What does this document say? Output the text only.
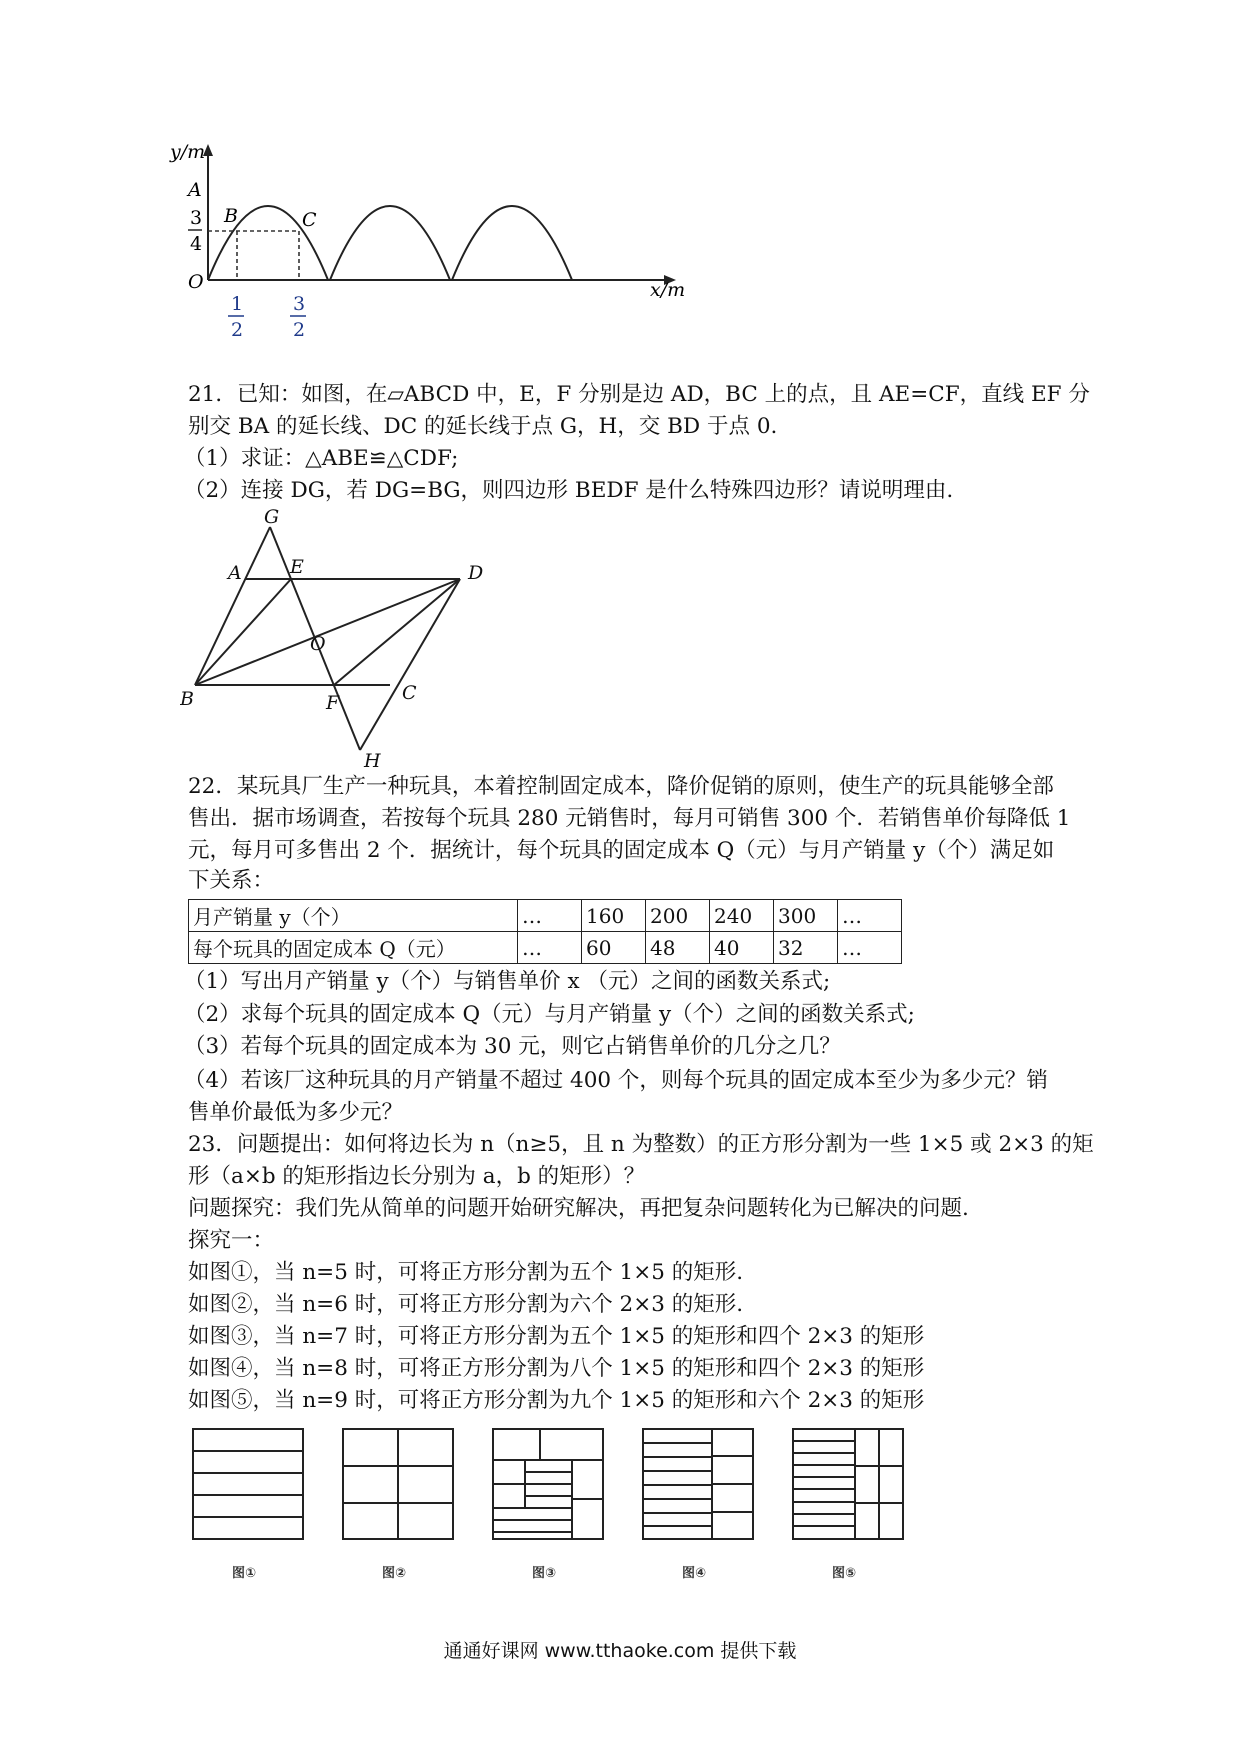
y/m
x/m
A
B	C
O
3
4
1
2
3
2
21．已知：如图，在▱ABCD 中，E，F 分别是边 AD，BC 上的点，且 AE=CF，直线 EF 分
别交 BA 的延长线、DC 的延长线于点 G，H，交 BD 于点 0.
（1）求证：△ABE≌△CDF;
（2）连接 DG，若 DG=BG，则四边形 BEDF 是什么特殊四边形？请说明理由.
G
A	E	D
O
B	F	C
H
22．某玩具厂生产一种玩具，本着控制固定成本，降价促销的原则，使生产的玩具能够全部
售出．据市场调查，若按每个玩具 280 元销售时，每月可销售 300 个．若销售单价每降低 1
元，每月可多售出 2 个．据统计，每个玩具的固定成本 Q（元）与月产销量 y（个）满足如
下关系：
月产销量 y（个）	…	160	200	240	300	…
每个玩具的固定成本 Q（元）	…	60	48	40	32	…
（1）写出月产销量 y（个）与销售单价 x （元）之间的函数关系式;
（2）求每个玩具的固定成本 Q（元）与月产销量 y（个）之间的函数关系式;
（3）若每个玩具的固定成本为 30 元，则它占销售单价的几分之几？
（4）若该厂这种玩具的月产销量不超过 400 个，则每个玩具的固定成本至少为多少元？销
售单价最低为多少元？
23．问题提出：如何将边长为 n（n≥5，且 n 为整数）的正方形分割为一些 1×5 或 2×3 的矩
形（a×b 的矩形指边长分别为 a，b 的矩形）？
问题探究：我们先从简单的问题开始研究解决，再把复杂问题转化为已解决的问题.
探究一：
如图①，当 n=5 时，可将正方形分割为五个 1×5 的矩形.
如图②，当 n=6 时，可将正方形分割为六个 2×3 的矩形.
如图③，当 n=7 时，可将正方形分割为五个 1×5 的矩形和四个 2×3 的矩形
如图④，当 n=8 时，可将正方形分割为八个 1×5 的矩形和四个 2×3 的矩形
如图⑤，当 n=9 时，可将正方形分割为九个 1×5 的矩形和六个 2×3 的矩形
图①	图②	图③	图④	图⑤
通通好课网 www.tthaoke.com 提供下载
